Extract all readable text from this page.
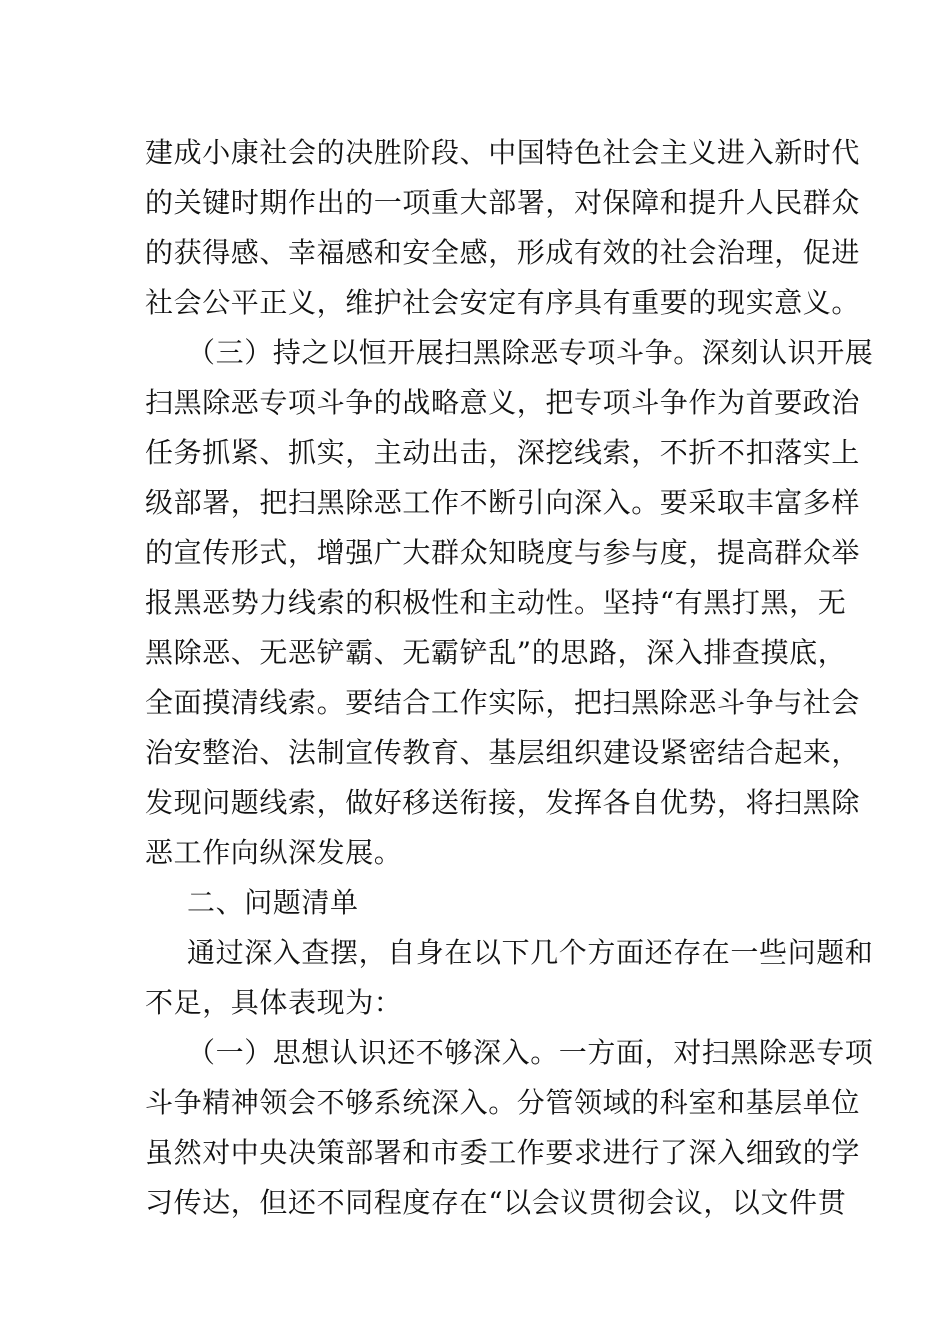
建成小康社会的决胜阶段、中国特色社会主义进入新时代
的关键时期作出的一项重大部署，对保障和提升人民群众
的获得感、幸福感和安全感，形成有效的社会治理，促进
社会公平正义，维护社会安定有序具有重要的现实意义。
（三）持之以恒开展扫黑除恶专项斗争。深刻认识开展
扫黑除恶专项斗争的战略意义，把专项斗争作为首要政治
任务抓紧、抓实，主动出击，深挖线索，不折不扣落实上
级部署，把扫黑除恶工作不断引向深入。要采取丰富多样
的宣传形式，增强广大群众知晓度与参与度，提高群众举
报黑恶势力线索的积极性和主动性。坚持“有黑打黑，无
黑除恶、无恶铲霸、无霸铲乱”的思路，深入排查摸底，
全面摸清线索。要结合工作实际，把扫黑除恶斗争与社会
治安整治、法制宣传教育、基层组织建设紧密结合起来，
发现问题线索，做好移送衔接，发挥各自优势，将扫黑除
恶工作向纵深发展。
二、问题清单
通过深入查摆，自身在以下几个方面还存在一些问题和
不足，具体表现为：
（一）思想认识还不够深入。一方面，对扫黑除恶专项
斗争精神领会不够系统深入。分管领域的科室和基层单位
虽然对中央决策部署和市委工作要求进行了深入细致的学
习传达，但还不同程度存在“以会议贯彻会议，以文件贯
